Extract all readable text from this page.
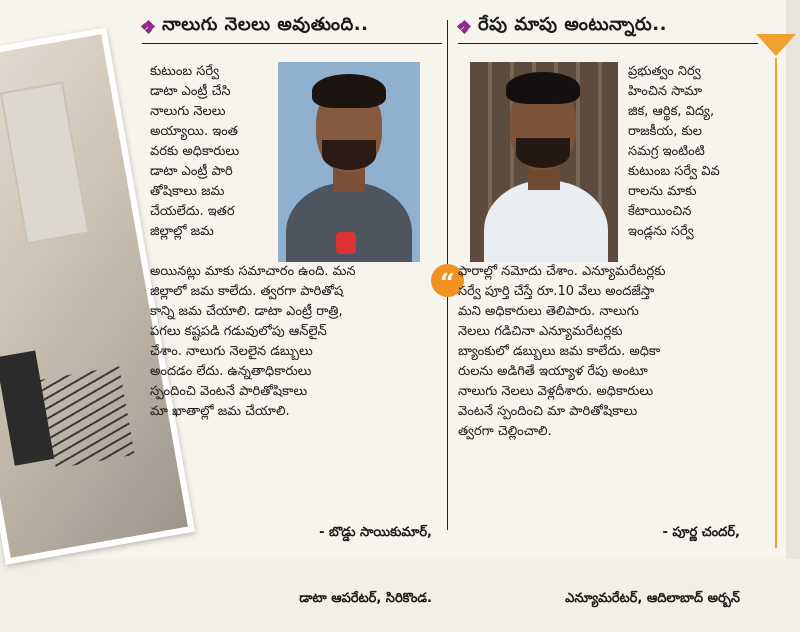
నాలుగు నెలలు అవుతుంది..
కుటుంబ సర్వే
డాటా ఎంట్రీ చేసి
నాలుగు నెలలు
అయ్యాయి. ఇంత
వరకు అధికారులు
డాటా ఎంట్రీ పారి
తోషికాలు జమ
చేయలేదు. ఇతర
జిల్లాల్లో జమ
అయినట్లు మాకు సమాచారం ఉంది. మన
జిల్లాలో జమ కాలేదు. త్వరగా పారితోష
కాన్ని జమ చేయాలి. డాటా ఎంట్రీ రాత్రి,
పగలు కష్టపడి గడువులోపు ఆన్‌లైన్
చేశాం. నాలుగు నెలలైన డబ్బులు
అందడం లేదు. ఉన్నతాధికారులు
స్పందించి వెంటనే పారితోషికాలు
మా ఖాతాల్లో జమ చేయాలి.
“
రేపు మాపు అంటున్నారు..
ప్రభుత్వం నిర్వ
హించిన సామా
జిక, ఆర్థిక, విద్య,
రాజకీయ, కుల
సమగ్ర ఇంటింటి
కుటుంబ సర్వే వివ
రాలను మాకు
కేటాయించిన
ఇండ్లను సర్వే
ఫారాల్లో నమోదు చేశాం. ఎన్యూమరేటర్లకు
సర్వే పూర్తి చేస్తే రూ.10 వేలు అందజేస్తా
మని అధికారులు తెలిపారు. నాలుగు
నెలలు గడిచినా ఎన్యూమరేటర్లకు
బ్యాంకులో డబ్బులు జమ కాలేదు. అధికా
రులను అడిగితే ఇయ్యాళ రేపు అంటూ
నాలుగు నెలలు వెళ్లదీశారు. అధికారులు
వెంటనే స్పందించి మా పారితోషికాలు
త్వరగా చెల్లించాలి.

- బొడ్డు సాయికుమార్,

డాటా ఆపరేటర్, సిరికొండ.

- పూర్ణ చందర్,

ఎన్యూమరేటర్, ఆదిలాబాద్ అర్బన్
